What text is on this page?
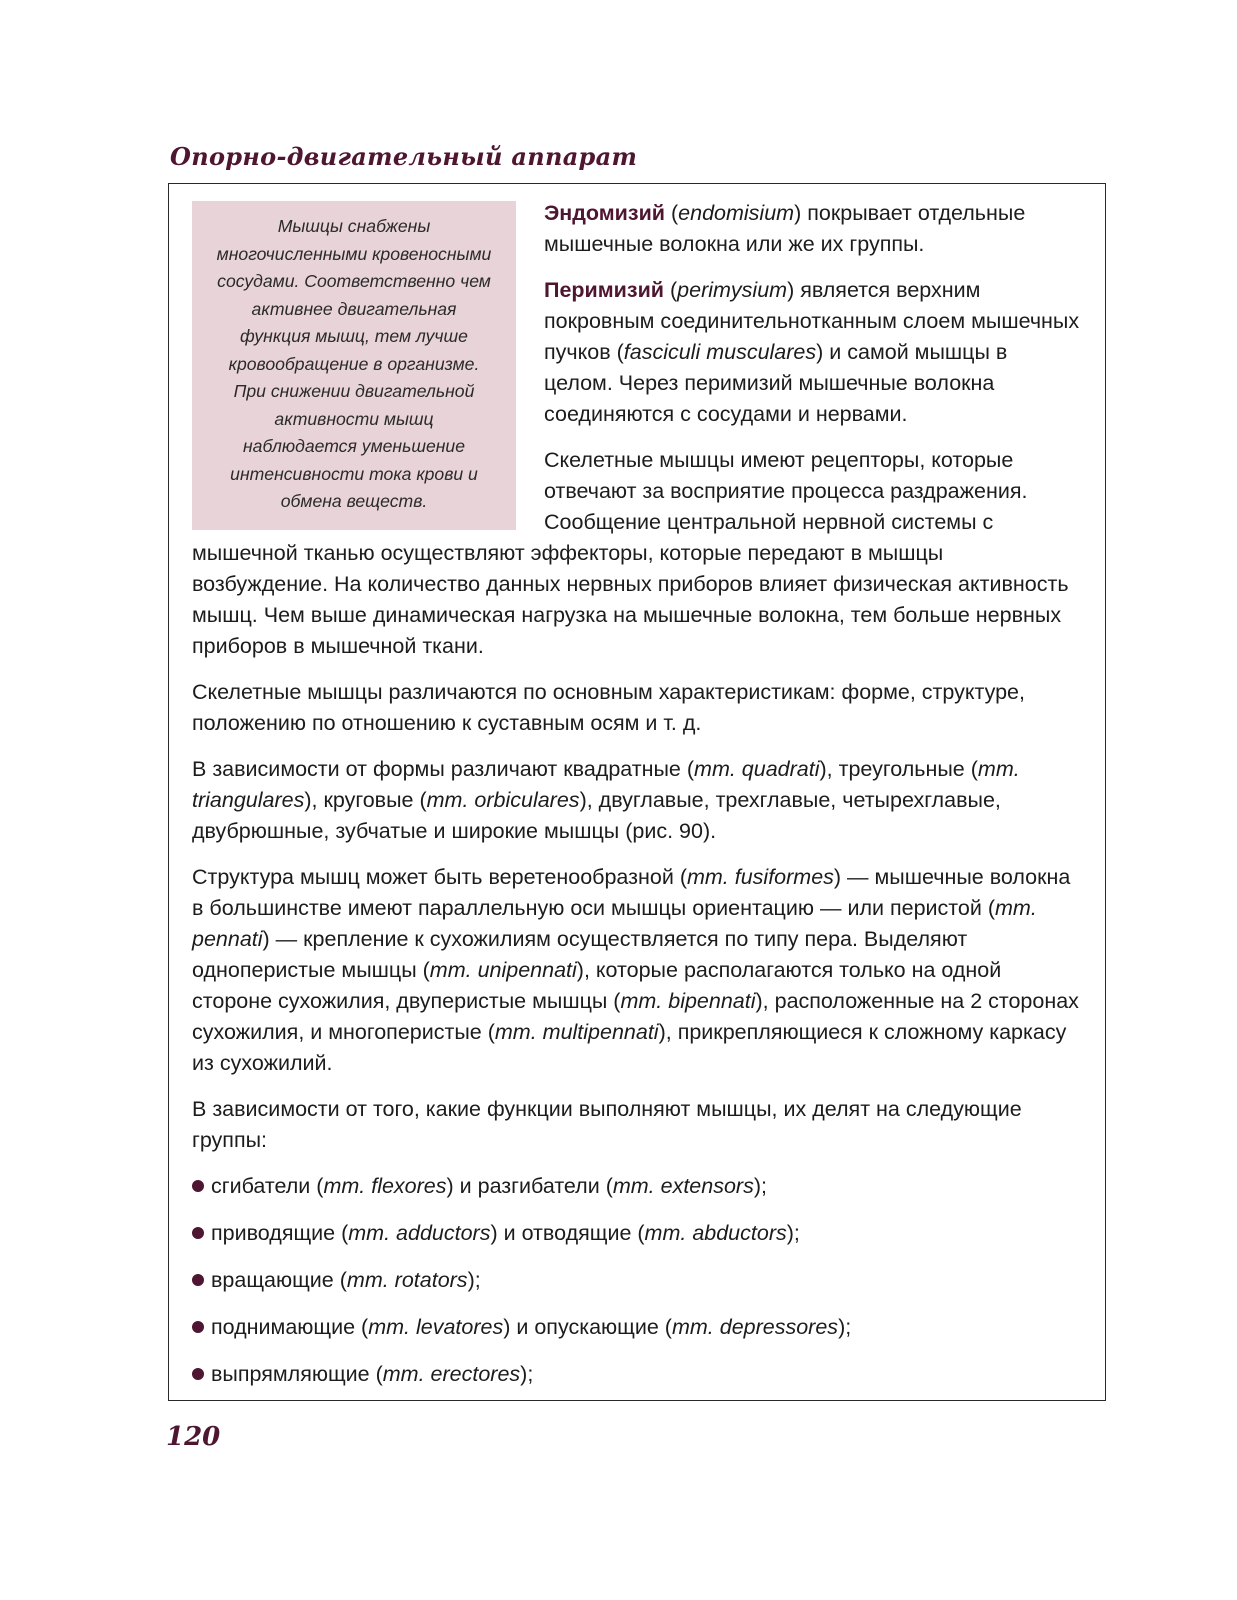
Опорно-двигательный аппарат
Мышцы снабжены многочисленными кровеносными сосудами. Соответственно чем активнее двигательная функция мышц, тем лучше кровообращение в организме. При снижении двигательной активности мышц наблюдается уменьшение интенсивности тока крови и обмена веществ.

Эндомизий (endomisium) покрывает отдельные мышечные волокна или же их группы.

Перимизий (perimysium) является верхним покровным соединительнотканным слоем мышечных пучков (fasciculi musculares) и самой мышцы в целом. Через перимизий мышечные волокна соединяются с сосудами и нервами.

Скелетные мышцы имеют рецепторы, которые отвечают за восприятие процесса раздражения. Сообщение центральной нервной системы с мышечной тканью осуществляют эффекторы, которые передают в мышцы возбуждение. На количество данных нервных приборов влияет физическая активность мышц. Чем выше динамическая нагрузка на мышечные волокна, тем больше нервных приборов в мышечной ткани.

Скелетные мышцы различаются по основным характеристикам: форме, структуре, положению по отношению к суставным осям и т. д.

В зависимости от формы различают квадратные (mm. quadrati), треугольные (mm. triangulares), круговые (mm. orbiculares), двуглавые, трехглавые, четырехглавые, двубрюшные, зубчатые и широкие мышцы (рис. 90).

Структура мышц может быть веретенообразной (mm. fusiformes) — мышечные волокна в большинстве имеют параллельную оси мышцы ориентацию — или перистой (mm. pennati) — крепление к сухожилиям осуществляется по типу пера. Выделяют одноперистые мышцы (mm. unipennati), которые располагаются только на одной стороне сухожилия, двуперистые мышцы (mm. bipennati), расположенные на 2 сторонах сухожилия, и многоперистые (mm. multipennati), прикрепляющиеся к сложному каркасу из сухожилий.

В зависимости от того, какие функции выполняют мышцы, их делят на следующие группы:

сгибатели (mm. flexores) и разгибатели (mm. extensors);
приводящие (mm. adductors) и отводящие (mm. abductors);
вращающие (mm. rotators);
поднимающие (mm. levatores) и опускающие (mm. depressores);
выпрямляющие (mm. erectores);
120
